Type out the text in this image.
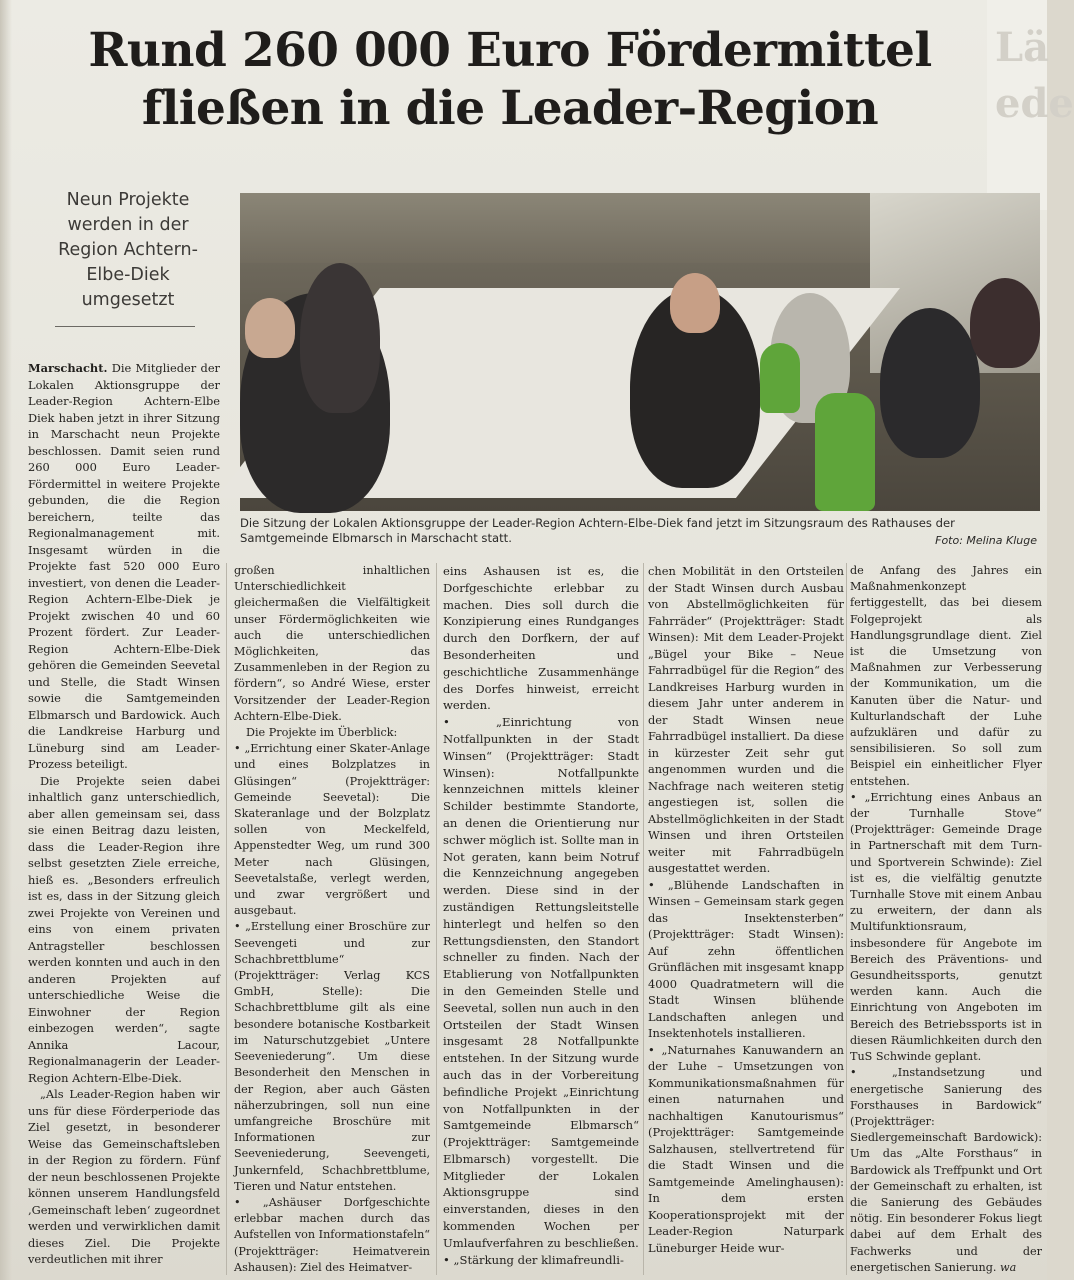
Lä
ede
Rund 260 000 Euro Fördermittel
fließen in die Leader-Region
Neun Projekte werden in der Region Achtern-Elbe-Diek umgesetzt
Die Sitzung der Lokalen Aktionsgruppe der Leader-Region Achtern-Elbe-Diek fand jetzt im Sitzungsraum des Rathauses der Samtgemeinde Elbmarsch in Marschacht statt.	Foto: Melina Kluge

Marschacht. Die Mitglieder der Lokalen Aktionsgruppe der Leader-Region Achtern-Elbe Diek haben jetzt in ihrer Sitzung in Marschacht neun Projekte beschlossen. Damit seien rund 260 000 Euro Leader-Fördermittel in weitere Projekte gebunden, die die Region bereichern, teilte das Regionalmanagement mit. Insgesamt würden in die Projekte fast 520 000 Euro investiert, von denen die Leader-Region Achtern-Elbe-Diek je Projekt zwischen 40 und 60 Prozent fördert. Zur Leader-Region Achtern-Elbe-Diek gehören die Gemeinden Seevetal und Stelle, die Stadt Winsen sowie die Samtgemeinden Elbmarsch und Bardowick. Auch die Landkreise Harburg und Lüneburg sind am Leader-Prozess beteiligt.

Die Projekte seien dabei inhaltlich ganz unterschiedlich, aber allen gemeinsam sei, dass sie einen Beitrag dazu leisten, dass die Leader-Region ihre selbst gesetzten Ziele erreiche, hieß es. „Besonders erfreulich ist es, dass in der Sitzung gleich zwei Projekte von Vereinen und eins von einem privaten Antragsteller beschlossen werden konnten und auch in den anderen Projekten auf unterschiedliche Weise die Einwohner der Region einbezogen werden“, sagte Annika Lacour, Regionalmanagerin der Leader-Region Achtern-Elbe-Diek.

„Als Leader-Region haben wir uns für diese Förderperiode das Ziel gesetzt, in besonderer Weise das Gemeinschaftsleben in der Region zu fördern. Fünf der neun beschlossenen Projekte können unserem Handlungsfeld ‚Gemeinschaft leben‘ zugeordnet werden und verwirklichen damit dieses Ziel. Die Projekte verdeutlichen mit ihrer

großen inhaltlichen Unterschiedlichkeit gleichermaßen die Vielfältigkeit unser Fördermöglichkeiten wie auch die unterschiedlichen Möglichkeiten, das Zusammenleben in der Region zu fördern“, so André Wiese, erster Vorsitzender der Leader-Region Achtern-Elbe-Diek.

Die Projekte im Überblick:

• „Errichtung einer Skater-Anlage und eines Bolzplatzes in Glüsingen“ (Projektträger: Gemeinde Seevetal): Die Skateranlage und der Bolzplatz sollen von Meckelfeld, Appenstedter Weg, um rund 300 Meter nach Glüsingen, Seevetalstaße, verlegt werden, und zwar vergrößert und ausgebaut.

• „Erstellung einer Broschüre zur Seevengeti und zur Schachbrettblume“ (Projektträger: Verlag KCS GmbH, Stelle): Die Schachbrettblume gilt als eine besondere botanische Kostbarkeit im Naturschutzgebiet „Untere Seeveniederung“. Um diese Besonderheit den Menschen in der Region, aber auch Gästen näherzubringen, soll nun eine umfangreiche Broschüre mit Informationen zur Seeveniederung, Seevengeti, Junkernfeld, Schachbrettblume, Tieren und Natur entstehen.

• „Ashäuser Dorfgeschichte erlebbar machen durch das Aufstellen von Informationstafeln“ (Projektträger: Heimatverein Ashausen): Ziel des Heimatver-

eins Ashausen ist es, die Dorfgeschichte erlebbar zu machen. Dies soll durch die Konzipierung eines Rundganges durch den Dorfkern, der auf Besonderheiten und geschichtliche Zusammenhänge des Dorfes hinweist, erreicht werden.

• „Einrichtung von Notfallpunkten in der Stadt Winsen“ (Projektträger: Stadt Winsen): Notfallpunkte kennzeichnen mittels kleiner Schilder bestimmte Standorte, an denen die Orientierung nur schwer möglich ist. Sollte man in Not geraten, kann beim Notruf die Kennzeichnung angegeben werden. Diese sind in der zuständigen Rettungsleitstelle hinterlegt und helfen so den Rettungsdiensten, den Standort schneller zu finden. Nach der Etablierung von Notfallpunkten in den Gemeinden Stelle und Seevetal, sollen nun auch in den Ortsteilen der Stadt Winsen insgesamt 28 Notfallpunkte entstehen. In der Sitzung wurde auch das in der Vorbereitung befindliche Projekt „Einrichtung von Notfallpunkten in der Samtgemeinde Elbmarsch“ (Projektträger: Samtgemeinde Elbmarsch) vorgestellt. Die Mitglieder der Lokalen Aktionsgruppe sind einverstanden, dieses in den kommenden Wochen per Umlaufverfahren zu beschließen.

• „Stärkung der klimafreundli-

chen Mobilität in den Ortsteilen der Stadt Winsen durch Ausbau von Abstellmöglichkeiten für Fahrräder“ (Projektträger: Stadt Winsen): Mit dem Leader-Projekt „Bügel your Bike – Neue Fahrradbügel für die Region“ des Landkreises Harburg wurden in diesem Jahr unter anderem in der Stadt Winsen neue Fahrradbügel installiert. Da diese in kürzester Zeit sehr gut angenommen wurden und die Nachfrage nach weiteren stetig angestiegen ist, sollen die Abstellmöglichkeiten in der Stadt Winsen und ihren Ortsteilen weiter mit Fahrradbügeln ausgestattet werden.

• „Blühende Landschaften in Winsen – Gemeinsam stark gegen das Insektensterben“ (Projektträger: Stadt Winsen): Auf zehn öffentlichen Grünflächen mit insgesamt knapp 4000 Quadratmetern will die Stadt Winsen blühende Landschaften anlegen und Insektenhotels installieren.

• „Naturnahes Kanuwandern an der Luhe – Umsetzungen von Kommunikationsmaßnahmen für einen naturnahen und nachhaltigen Kanutourismus“ (Projektträger: Samtgemeinde Salzhausen, stellvertretend für die Stadt Winsen und die Samtgemeinde Amelinghausen): In dem ersten Kooperationsprojekt mit der Leader-Region Naturpark Lüneburger Heide wur-

de Anfang des Jahres ein Maßnahmenkonzept fertiggestellt, das bei diesem Folgeprojekt als Handlungsgrundlage dient. Ziel ist die Umsetzung von Maßnahmen zur Verbesserung der Kommunikation, um die Kanuten über die Natur- und Kulturlandschaft der Luhe aufzuklären und dafür zu sensibilisieren. So soll zum Beispiel ein einheitlicher Flyer entstehen.

• „Errichtung eines Anbaus an der Turnhalle Stove“ (Projektträger: Gemeinde Drage in Partnerschaft mit dem Turn- und Sportverein Schwinde): Ziel ist es, die vielfältig genutzte Turnhalle Stove mit einem Anbau zu erweitern, der dann als Multifunktionsraum, insbesondere für Angebote im Bereich des Präventions- und Gesundheitssports, genutzt werden kann. Auch die Einrichtung von Angeboten im Bereich des Betriebssports ist in diesen Räumlichkeiten durch den TuS Schwinde geplant.

• „Instandsetzung und energetische Sanierung des Forsthauses in Bardowick“ (Projektträger: Siedlergemeinschaft Bardowick): Um das „Alte Forsthaus“ in Bardowick als Treffpunkt und Ort der Gemeinschaft zu erhalten, ist die Sanierung des Gebäudes nötig. Ein besonderer Fokus liegt dabei auf dem Erhalt des Fachwerks und der energetischen Sanierung. wa
